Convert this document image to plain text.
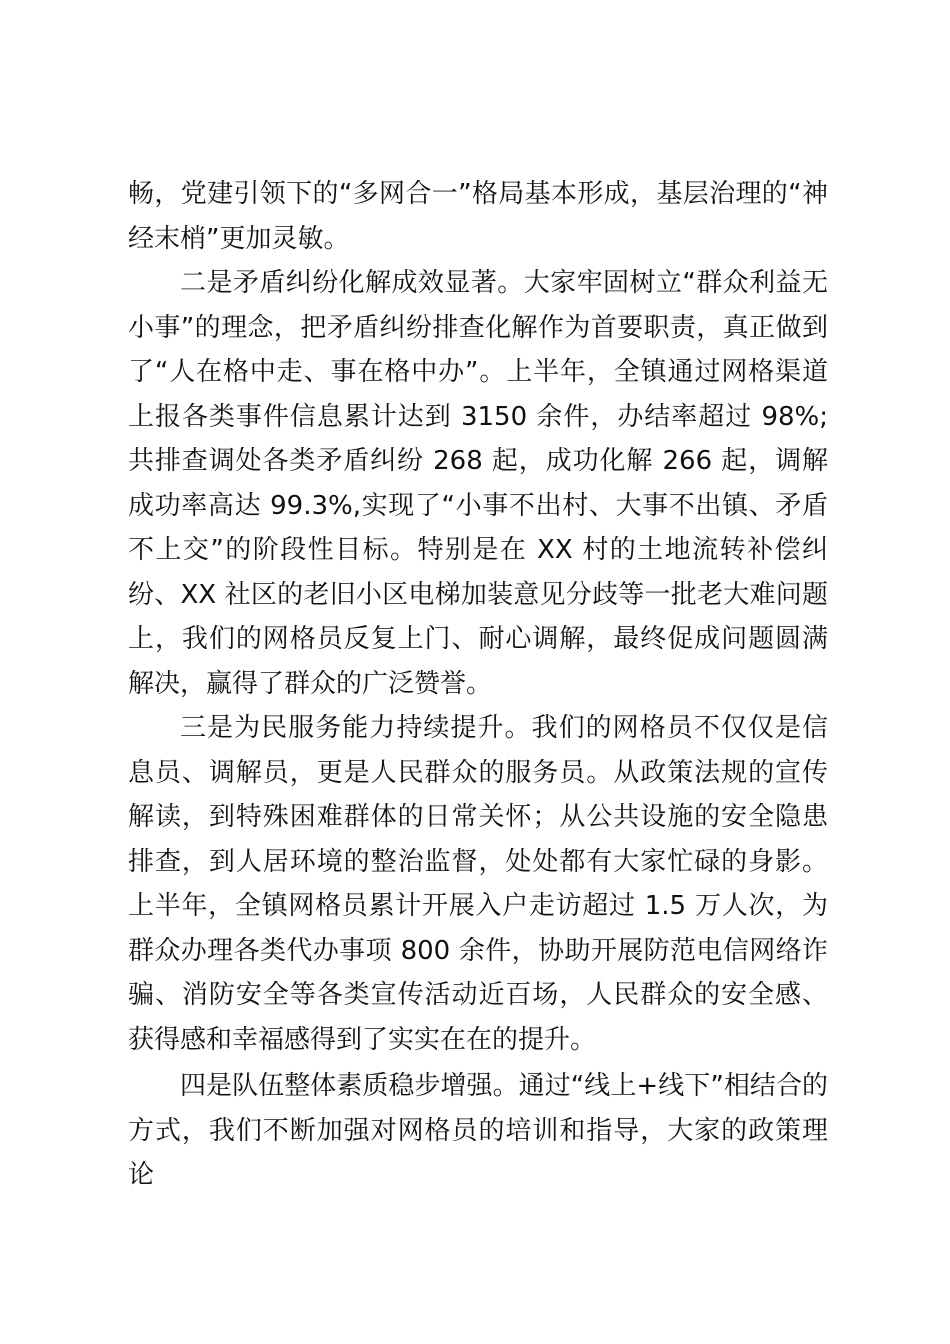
畅，党建引领下的“多网合一”格局基本形成，基层治理的“神经末梢”更加灵敏。

二是矛盾纠纷化解成效显著。大家牢固树立“群众利益无小事”的理念，把矛盾纠纷排查化解作为首要职责，真正做到了“人在格中走、事在格中办”。上半年，全镇通过网格渠道上报各类事件信息累计达到 3150 余件，办结率超过 98%;共排查调处各类矛盾纠纷 268 起，成功化解 266 起，调解成功率高达 99.3%,实现了“小事不出村、大事不出镇、矛盾不上交”的阶段性目标。特别是在 XX 村的土地流转补偿纠纷、XX 社区的老旧小区电梯加装意见分歧等一批老大难问题上，我们的网格员反复上门、耐心调解，最终促成问题圆满解决，赢得了群众的广泛赞誉。

三是为民服务能力持续提升。我们的网格员不仅仅是信息员、调解员，更是人民群众的服务员。从政策法规的宣传解读，到特殊困难群体的日常关怀；从公共设施的安全隐患排查，到人居环境的整治监督，处处都有大家忙碌的身影。上半年，全镇网格员累计开展入户走访超过 1.5 万人次，为群众办理各类代办事项 800 余件，协助开展防范电信网络诈骗、消防安全等各类宣传活动近百场，人民群众的安全感、获得感和幸福感得到了实实在在的提升。

四是队伍整体素质稳步增强。通过“线上+线下”相结合的方式，我们不断加强对网格员的培训和指导，大家的政策理论
